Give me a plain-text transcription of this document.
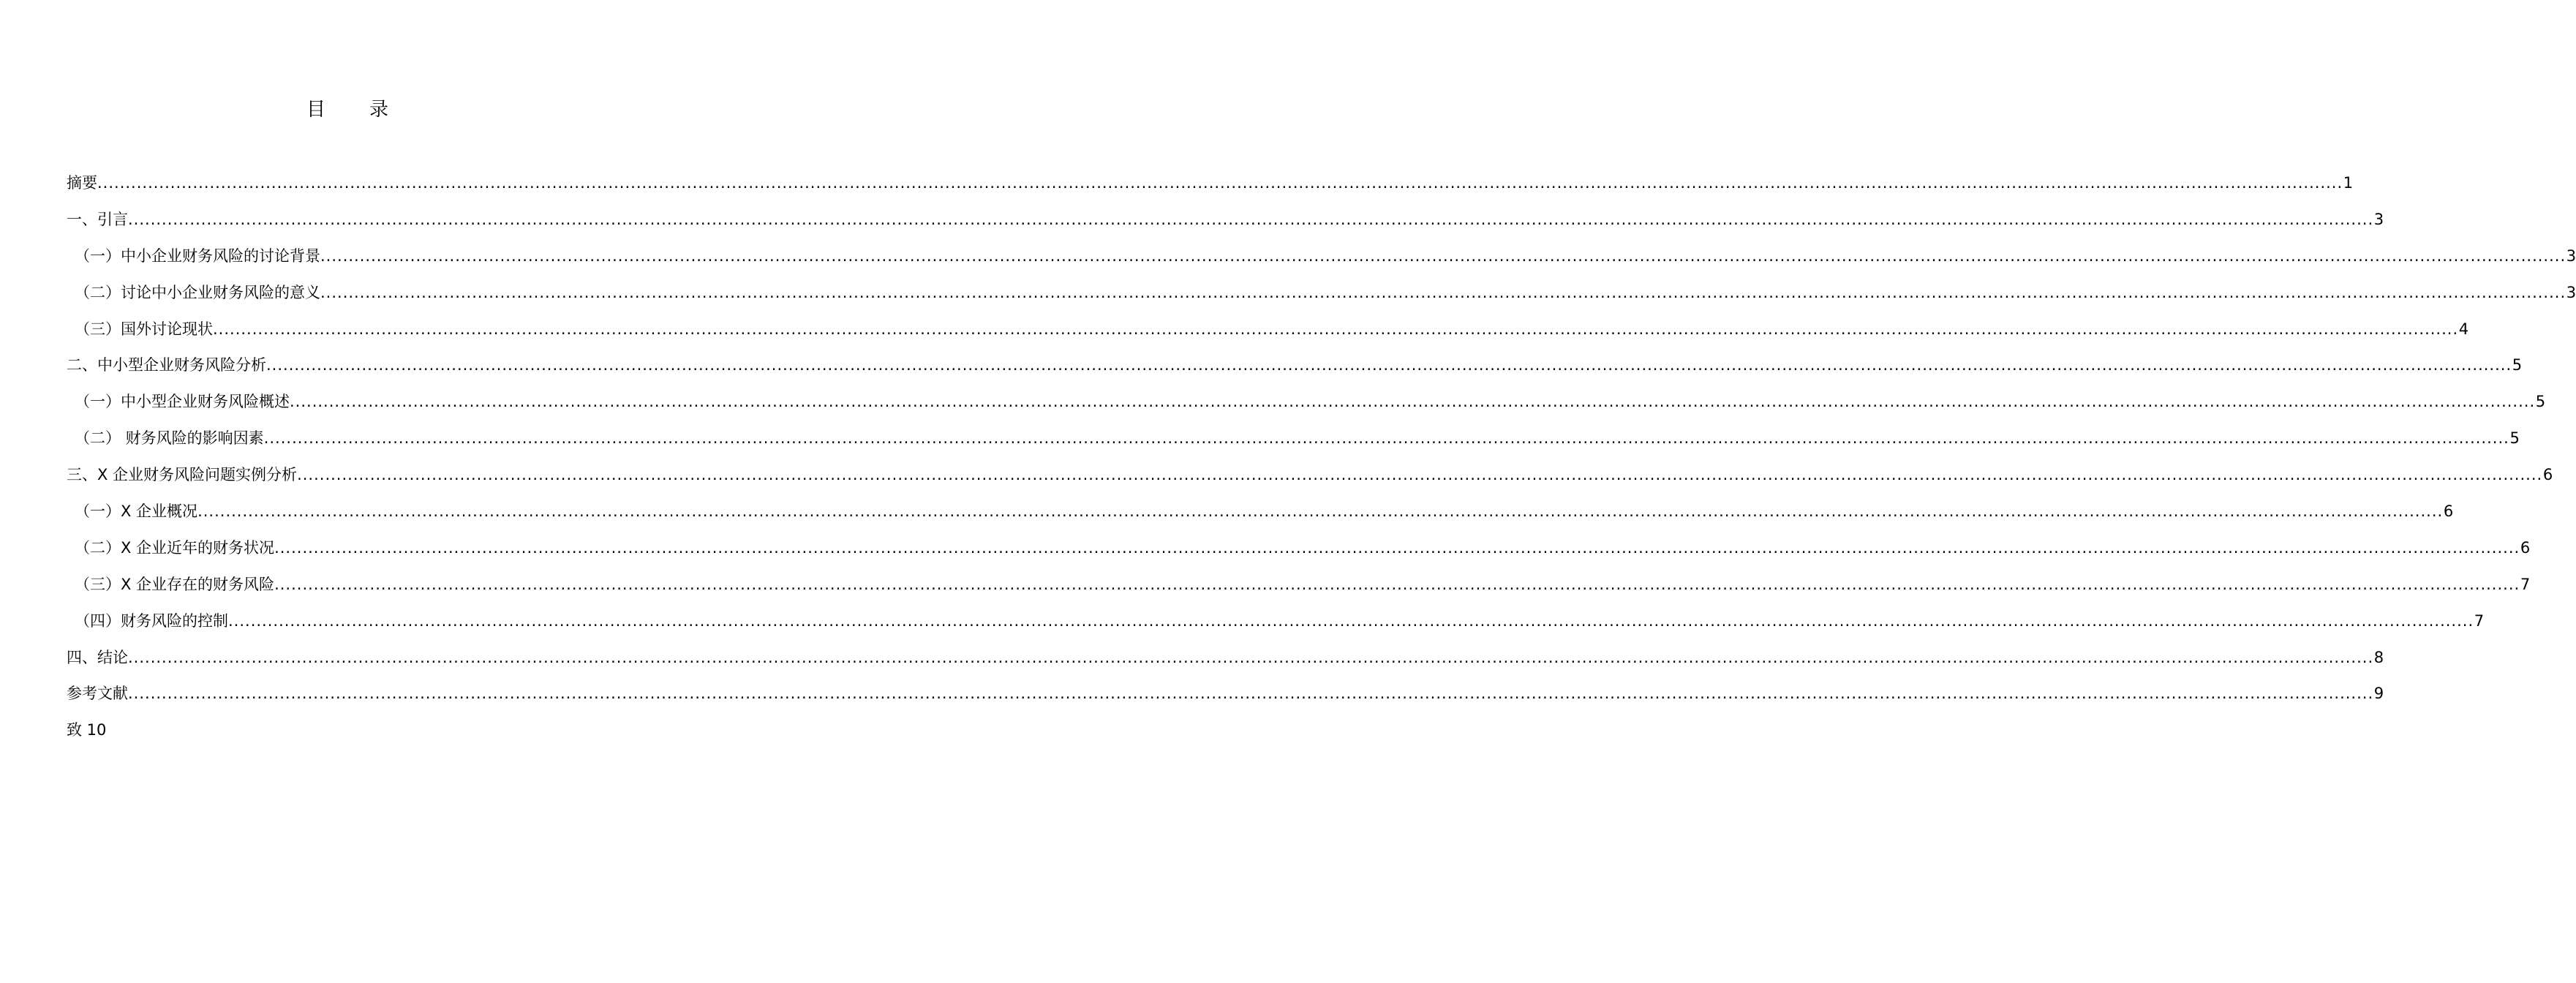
目录
摘要 ................................................................................................................................................................................................................................................................................................................................................................................................................ 1
一、引言 ................................................................................................................................................................................................................................................................................................................................................................................................................ 3
（一）中小企业财务风险的讨论背景 ................................................................................................................................................................................................................................................................................................................................................................................................................ 3
（二）讨论中小企业财务风险的意义 ................................................................................................................................................................................................................................................................................................................................................................................................................ 3
（三）国外讨论现状 ................................................................................................................................................................................................................................................................................................................................................................................................................ 4
二、中小型企业财务风险分析 ................................................................................................................................................................................................................................................................................................................................................................................................................ 5
（一）中小型企业财务风险概述 ................................................................................................................................................................................................................................................................................................................................................................................................................ 5
（二） 财务风险的影响因素 ................................................................................................................................................................................................................................................................................................................................................................................................................ 5
三、X 企业财务风险问题实例分析 ................................................................................................................................................................................................................................................................................................................................................................................................................ 6
（一）X 企业概况 ................................................................................................................................................................................................................................................................................................................................................................................................................ 6
（二）X 企业近年的财务状况 ................................................................................................................................................................................................................................................................................................................................................................................................................ 6
（三）X 企业存在的财务风险 ................................................................................................................................................................................................................................................................................................................................................................................................................ 7
（四）财务风险的控制 ................................................................................................................................................................................................................................................................................................................................................................................................................ 7
四、结论 ................................................................................................................................................................................................................................................................................................................................................................................................................ 8
参考文献 ................................................................................................................................................................................................................................................................................................................................................................................................................ 9
致 10
